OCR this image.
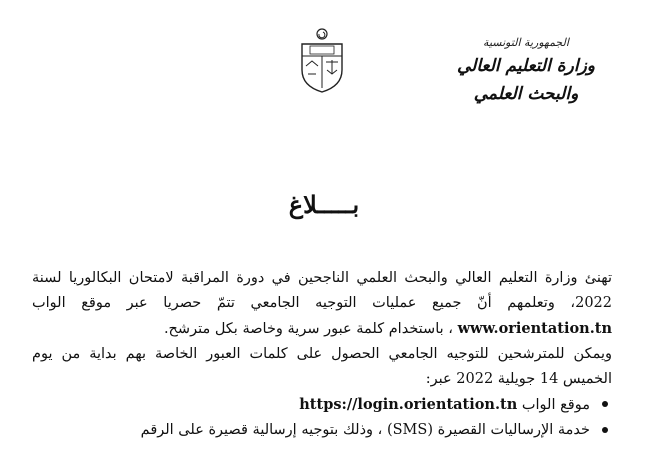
الجمهورية التونسية
وزارة التعليم العالي
والبحث العلمي
بـــــلاغ

تهنئ وزارة التعليم العالي والبحث العلمي الناجحين في دورة المراقبة لامتحان البكالوريا لسنة 2022، وتعلمهم أنّ جميع عمليات التوجيه الجامعي تتمّ حصريا عبر موقع الواب www.orientation.tn ، باستخدام كلمة عبور سرية وخاصة بكل مترشح.

ويمكن للمترشحين للتوجيه الجامعي الحصول على كلمات العبور الخاصة بهم بداية من يوم الخميس 14 جويلية 2022 عبر:

موقع الواب https://login.orientation.tn
خدمة الإرساليات القصيرة (SMS) ، وذلك بتوجيه إرسالية قصيرة على الرقم
